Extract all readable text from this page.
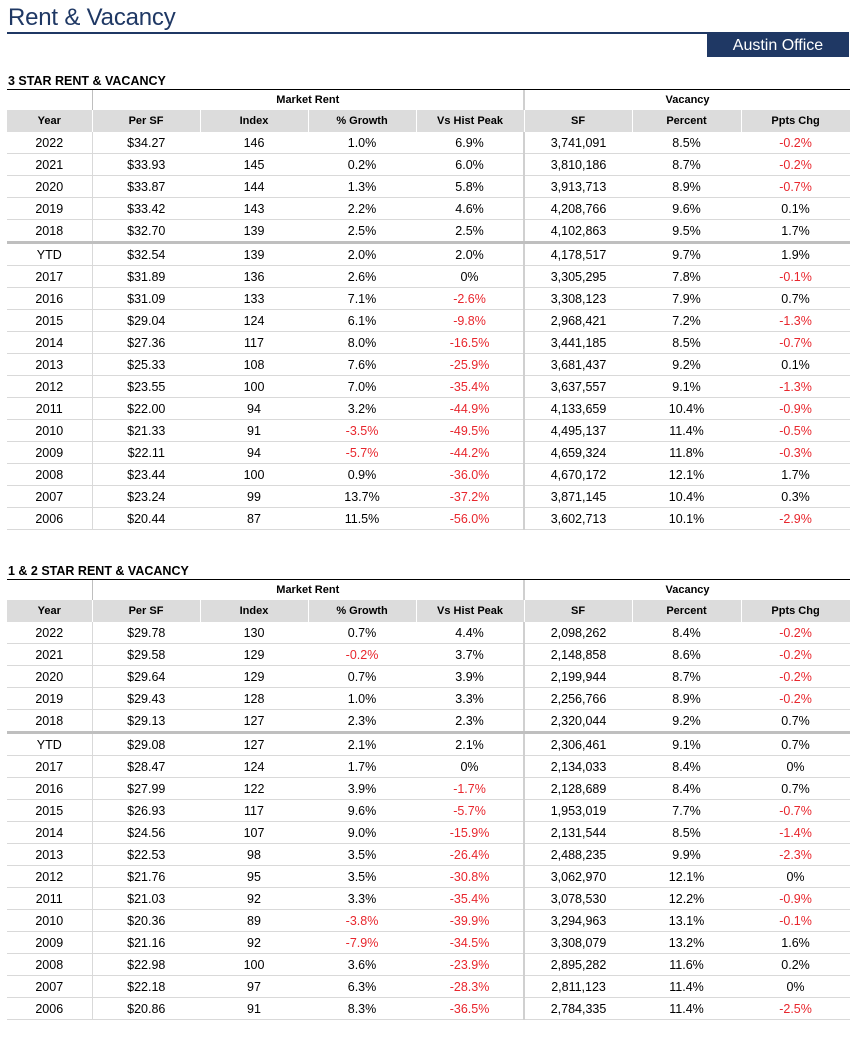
Rent & Vacancy
Austin Office
3 STAR RENT & VACANCY
	Market Rent				Vacancy		
Year	Per SF	Index	% Growth	Vs Hist Peak	SF	Percent	Ppts Chg
2022	$34.27	146	1.0%	6.9%	3,741,091	8.5%	-0.2%
2021	$33.93	145	0.2%	6.0%	3,810,186	8.7%	-0.2%
2020	$33.87	144	1.3%	5.8%	3,913,713	8.9%	-0.7%
2019	$33.42	143	2.2%	4.6%	4,208,766	9.6%	0.1%
2018	$32.70	139	2.5%	2.5%	4,102,863	9.5%	1.7%
YTD	$32.54	139	2.0%	2.0%	4,178,517	9.7%	1.9%
2017	$31.89	136	2.6%	0%	3,305,295	7.8%	-0.1%
2016	$31.09	133	7.1%	-2.6%	3,308,123	7.9%	0.7%
2015	$29.04	124	6.1%	-9.8%	2,968,421	7.2%	-1.3%
2014	$27.36	117	8.0%	-16.5%	3,441,185	8.5%	-0.7%
2013	$25.33	108	7.6%	-25.9%	3,681,437	9.2%	0.1%
2012	$23.55	100	7.0%	-35.4%	3,637,557	9.1%	-1.3%
2011	$22.00	94	3.2%	-44.9%	4,133,659	10.4%	-0.9%
2010	$21.33	91	-3.5%	-49.5%	4,495,137	11.4%	-0.5%
2009	$22.11	94	-5.7%	-44.2%	4,659,324	11.8%	-0.3%
2008	$23.44	100	0.9%	-36.0%	4,670,172	12.1%	1.7%
2007	$23.24	99	13.7%	-37.2%	3,871,145	10.4%	0.3%
2006	$20.44	87	11.5%	-56.0%	3,602,713	10.1%	-2.9%
1 & 2 STAR RENT & VACANCY
	Market Rent				Vacancy		
Year	Per SF	Index	% Growth	Vs Hist Peak	SF	Percent	Ppts Chg
2022	$29.78	130	0.7%	4.4%	2,098,262	8.4%	-0.2%
2021	$29.58	129	-0.2%	3.7%	2,148,858	8.6%	-0.2%
2020	$29.64	129	0.7%	3.9%	2,199,944	8.7%	-0.2%
2019	$29.43	128	1.0%	3.3%	2,256,766	8.9%	-0.2%
2018	$29.13	127	2.3%	2.3%	2,320,044	9.2%	0.7%
YTD	$29.08	127	2.1%	2.1%	2,306,461	9.1%	0.7%
2017	$28.47	124	1.7%	0%	2,134,033	8.4%	0%
2016	$27.99	122	3.9%	-1.7%	2,128,689	8.4%	0.7%
2015	$26.93	117	9.6%	-5.7%	1,953,019	7.7%	-0.7%
2014	$24.56	107	9.0%	-15.9%	2,131,544	8.5%	-1.4%
2013	$22.53	98	3.5%	-26.4%	2,488,235	9.9%	-2.3%
2012	$21.76	95	3.5%	-30.8%	3,062,970	12.1%	0%
2011	$21.03	92	3.3%	-35.4%	3,078,530	12.2%	-0.9%
2010	$20.36	89	-3.8%	-39.9%	3,294,963	13.1%	-0.1%
2009	$21.16	92	-7.9%	-34.5%	3,308,079	13.2%	1.6%
2008	$22.98	100	3.6%	-23.9%	2,895,282	11.6%	0.2%
2007	$22.18	97	6.3%	-28.3%	2,811,123	11.4%	0%
2006	$20.86	91	8.3%	-36.5%	2,784,335	11.4%	-2.5%
